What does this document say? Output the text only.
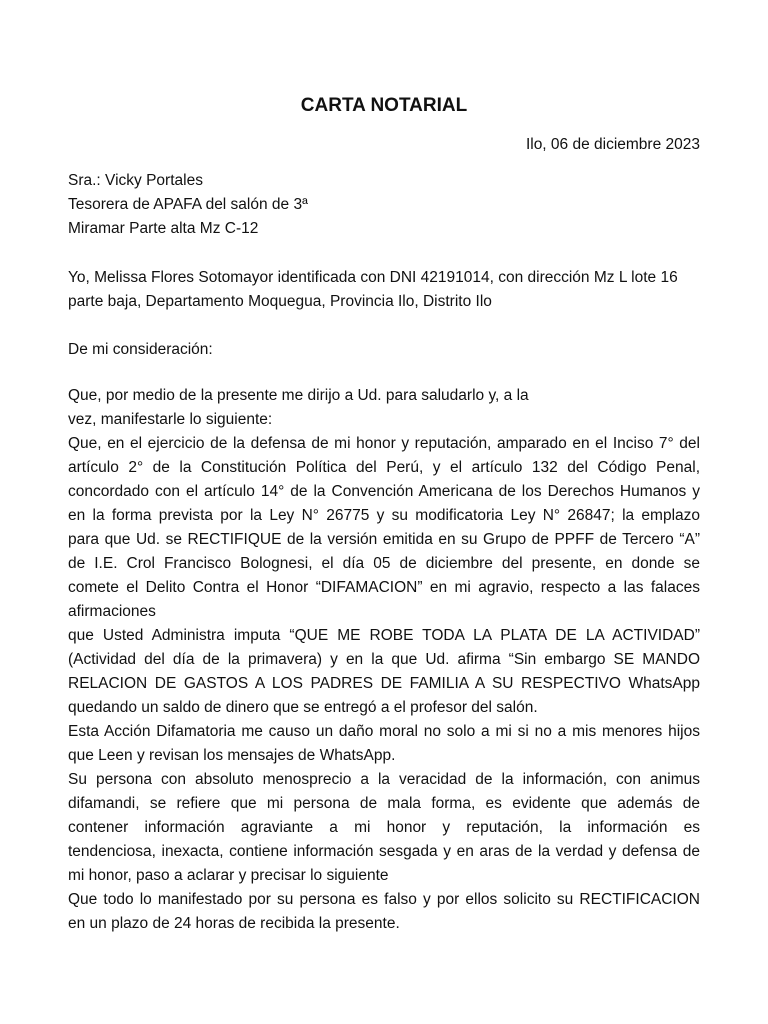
CARTA NOTARIAL
Ilo, 06 de diciembre 2023
Sra.: Vicky Portales
Tesorera de APAFA del salón de 3ª
Miramar Parte alta Mz C-12
Yo, Melissa Flores Sotomayor identificada con DNI 42191014, con dirección Mz L lote 16
parte baja, Departamento Moquegua, Provincia Ilo, Distrito Ilo
De mi consideración:
Que, por medio de la presente me dirijo a Ud. para saludarlo y, a la
vez, manifestarle lo siguiente:
Que, en el ejercicio de la defensa de mi honor y reputación, amparado en el Inciso 7° del
artículo 2° de la Constitución Política del Perú, y el artículo 132 del Código Penal,
concordado con el artículo 14° de la Convención Americana de los Derechos Humanos y
en la forma prevista por la Ley N° 26775 y su modificatoria Ley N° 26847; la emplazo
para que Ud. se RECTIFIQUE de la versión emitida en su Grupo de PPFF de Tercero “A”
de I.E. Crol Francisco Bolognesi, el día 05 de diciembre del presente, en donde se
comete el Delito Contra el Honor “DIFAMACION” en mi agravio, respecto a las falaces
afirmaciones
que Usted Administra imputa “QUE ME ROBE TODA LA PLATA DE LA ACTIVIDAD”
(Actividad del día de la primavera) y en la que Ud. afirma “Sin embargo SE MANDO
RELACION DE GASTOS A LOS PADRES DE FAMILIA A SU RESPECTIVO WhatsApp
quedando un saldo de dinero que se entregó a el profesor del salón.
Esta Acción Difamatoria me causo un daño moral no solo a mi si no a mis menores hijos
que Leen y revisan los mensajes de WhatsApp.
Su persona con absoluto menosprecio a la veracidad de la información, con animus
difamandi, se refiere que mi persona de mala forma, es evidente que además de
contener información agraviante a mi honor y reputación, la información es
tendenciosa, inexacta, contiene información sesgada y en aras de la verdad y defensa de
mi honor, paso a aclarar y precisar lo siguiente
Que todo lo manifestado por su persona es falso y por ellos solicito su RECTIFICACION
en un plazo de 24 horas de recibida la presente.
